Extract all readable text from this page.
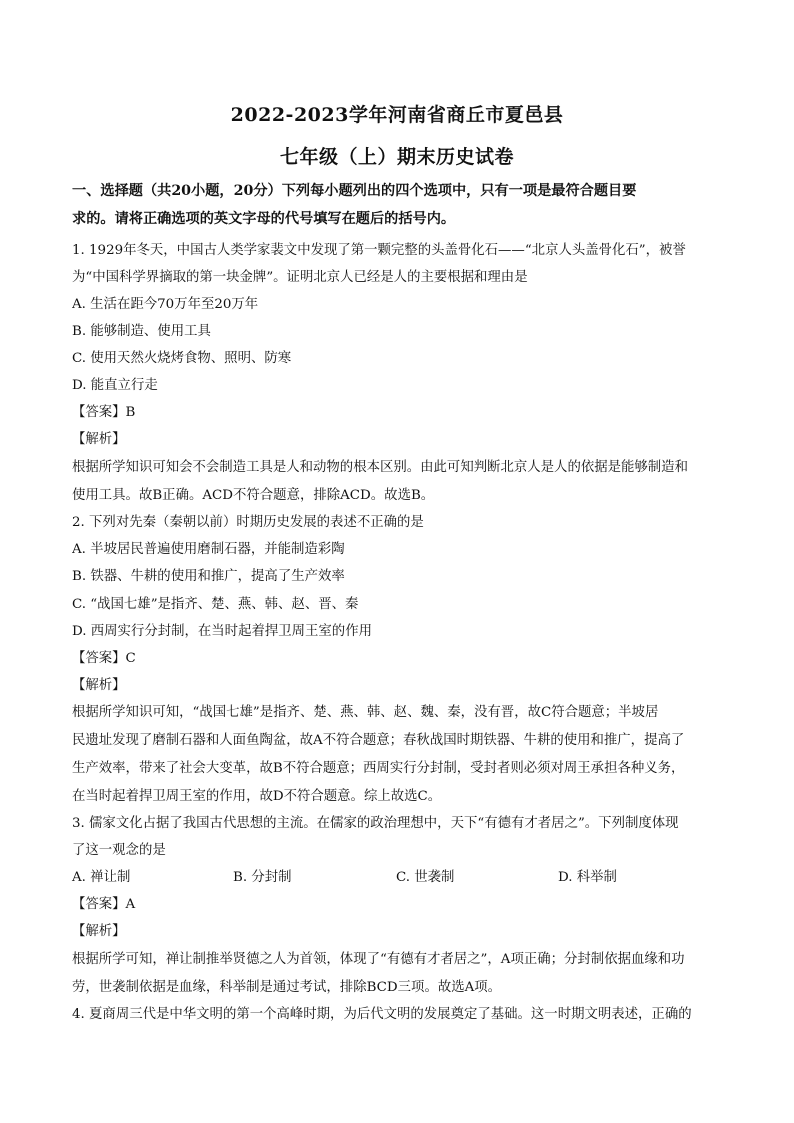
2022-2023学年河南省商丘市夏邑县
七年级（上）期末历史试卷
一、选择题（共20小题，20分）下列每小题列出的四个选项中，只有一项是最符合题目要
求的。请将正确选项的英文字母的代号填写在题后的括号内。
1. 1929年冬天，中国古人类学家裴文中发现了第一颗完整的头盖骨化石——“北京人头盖骨化石”，被誉
为“中国科学界摘取的第一块金牌”。证明北京人已经是人的主要根据和理由是
A. 生活在距今70万年至20万年
B. 能够制造、使用工具
C. 使用天然火烧烤食物、照明、防寒
D. 能直立行走
【答案】B
【解析】
根据所学知识可知会不会制造工具是人和动物的根本区别。由此可知判断北京人是人的依据是能够制造和
使用工具。故B正确。ACD不符合题意，排除ACD。故选B。
2. 下列对先秦（秦朝以前）时期历史发展的表述不正确的是
A. 半坡居民普遍使用磨制石器，并能制造彩陶
B. 铁器、牛耕的使用和推广，提高了生产效率
C. “战国七雄”是指齐、楚、燕、韩、赵、晋、秦
D. 西周实行分封制，在当时起着捍卫周王室的作用
【答案】C
【解析】
根据所学知识可知，“战国七雄”是指齐、楚、燕、韩、赵、魏、秦，没有晋，故C符合题意；半坡居
民遗址发现了磨制石器和人面鱼陶盆，故A不符合题意；春秋战国时期铁器、牛耕的使用和推广，提高了
生产效率，带来了社会大变革，故B不符合题意；西周实行分封制，受封者则必须对周王承担各种义务，
在当时起着捍卫周王室的作用，故D不符合题意。综上故选C。
3. 儒家文化占据了我国古代思想的主流。在儒家的政治理想中，天下“有德有才者居之”。下列制度体现
了这一观念的是
A. 禅让制	B. 分封制	C. 世袭制	D. 科举制
【答案】A
【解析】
根据所学可知，禅让制推举贤德之人为首领，体现了“有德有才者居之”，A项正确；分封制依据血缘和功
劳，世袭制依据是血缘，科举制是通过考试，排除BCD三项。故选A项。
4. 夏商周三代是中华文明的第一个高峰时期，为后代文明的发展奠定了基础。这一时期文明表述，正确的
